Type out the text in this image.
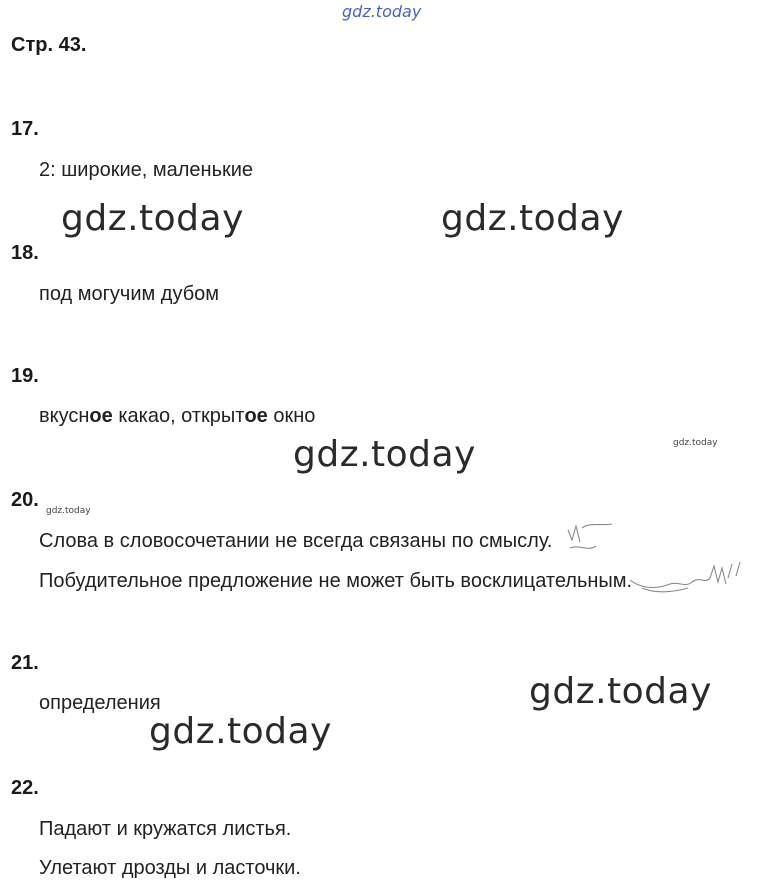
gdz.today
Стр. 43.
17.
2: широкие, маленькие
18.
под могучим дубом
19.
вкусное какао, открытое окно
20.
Слова в словосочетании не всегда связаны по смыслу.
Побудительное предложение не может быть восклицательным.
21.
определения
22.
Падают и кружатся листья.
Улетают дрозды и ласточки.
gdz.today	gdz.today
gdz.today
gdz.today
gdz.today
gdz.today
gdz.today
